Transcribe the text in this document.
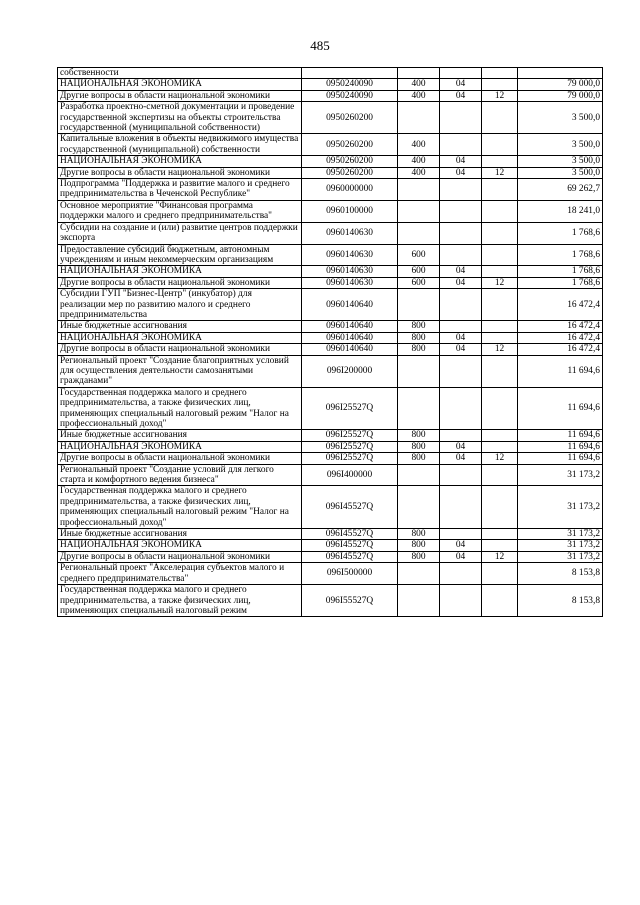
485
собственности					
НАЦИОНАЛЬНАЯ ЭКОНОМИКА	0950240090	400	04		79 000,0
Другие вопросы в области национальной экономики	0950240090	400	04	12	79 000,0
Разработка проектно-сметной документации и проведение государственной экспертизы на объекты строительства государственной (муниципальной собственности)	0950260200				3 500,0
Капитальные вложения в объекты недвижимого имущества государственной (муниципальной) собственности	0950260200	400			3 500,0
НАЦИОНАЛЬНАЯ ЭКОНОМИКА	0950260200	400	04		3 500,0
Другие вопросы в области национальной экономики	0950260200	400	04	12	3 500,0
Подпрограмма "Поддержка и развитие малого и среднего предпринимательства в Чеченской Республике"	0960000000				69 262,7
Основное мероприятие "Финансовая программа поддержки малого и среднего предпринимательства"	0960100000				18 241,0
Субсидии на создание и (или) развитие центров поддержки экспорта	0960140630				1 768,6
Предоставление субсидий бюджетным, автономным учреждениям и иным некоммерческим организациям	0960140630	600			1 768,6
НАЦИОНАЛЬНАЯ ЭКОНОМИКА	0960140630	600	04		1 768,6
Другие вопросы в области национальной экономики	0960140630	600	04	12	1 768,6
Субсидии ГУП "Бизнес-Центр" (инкубатор) для реализации мер по развитию малого и среднего предпринимательства	0960140640				16 472,4
Иные бюджетные ассигнования	0960140640	800			16 472,4
НАЦИОНАЛЬНАЯ ЭКОНОМИКА	0960140640	800	04		16 472,4
Другие вопросы в области национальной экономики	0960140640	800	04	12	16 472,4
Региональный проект "Создание благоприятных условий для осуществления деятельности самозанятыми гражданами"	096I200000				11 694,6
Государственная поддержка малого и среднего предпринимательства, а также физических лиц, применяющих специальный налоговый режим "Налог на профессиональный доход"	096I25527Q				11 694,6
Иные бюджетные ассигнования	096I25527Q	800			11 694,6
НАЦИОНАЛЬНАЯ ЭКОНОМИКА	096I25527Q	800	04		11 694,6
Другие вопросы в области национальной экономики	096I25527Q	800	04	12	11 694,6
Региональный проект "Создание условий для легкого старта и комфортного ведения бизнеса"	096I400000				31 173,2
Государственная поддержка малого и среднего предпринимательства, а также физических лиц, применяющих специальный налоговый режим "Налог на профессиональный доход"	096I45527Q				31 173,2
Иные бюджетные ассигнования	096I45527Q	800			31 173,2
НАЦИОНАЛЬНАЯ ЭКОНОМИКА	096I45527Q	800	04		31 173,2
Другие вопросы в области национальной экономики	096I45527Q	800	04	12	31 173,2
Региональный проект "Акселерация субъектов малого и среднего предпринимательства"	096I500000				8 153,8
Государственная поддержка малого и среднего предпринимательства, а также физических лиц, применяющих специальный налоговый режим	096I55527Q				8 153,8
